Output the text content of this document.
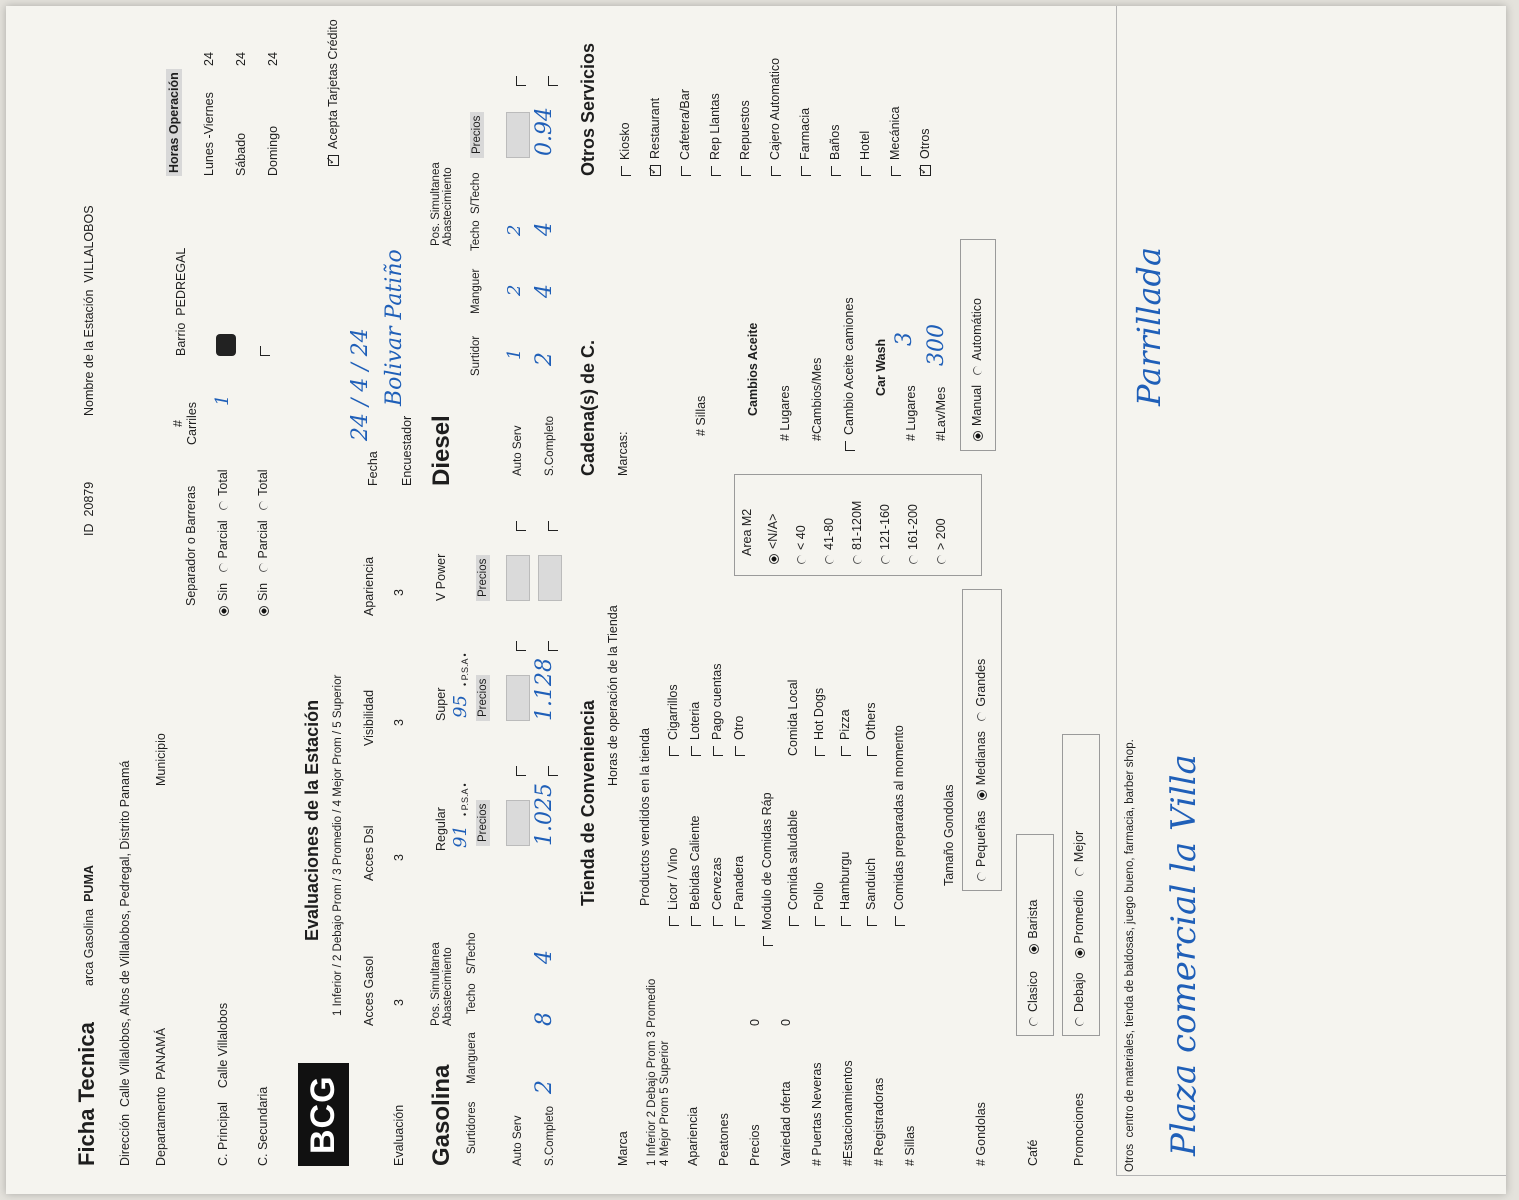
Ficha Tecnica
arca Gasolina  PUMA
ID  20879
Nombre de la Estación  VILLALOBOS
Dirección  Calle Villalobos, Altos de Villalobos, Pedregal, Distrito Panamá
Departamento  PANAMÁ
Municipio
Barrio  PEDREGAL
# Carriles
Separador o Barreras
C. Principal    Calle Villalobos
C. Secundaria
Sin   Parcial   Total
Sin   Parcial   Total
1
Horas Operación Lunes -Viernes
24
Sábado
24
Domingo
24
BCG
Evaluaciones de la Estación 1 Inferior / 2 Debajo Prom / 3 Promedio / 4 Mejor Prom / 5 Superior Acces Gasol
Acces Dsl
Visibilidad
Apariencia
Evaluación
3
3
3
3
✓Acepta Tarjetas Crédito
Fecha
24 / 4 / 24
Encuestador
Bolivar Patiño
Gasolina
Pos. Simultanea Abastecimiento
Surtidores
Manguera
Techo
S/Techo
Regular 91
• P.S.A •
Super 95
• P.S.A •
V Power
Precios
Precios
Precios
Auto Serv S.Completo
2
8
4
1.025
1.128
Diesel
Pos. Simultanea Abastecimiento
Surtidor
Manguer
Techo
S/Techo
Precios
Auto Serv
1
2
2
S.Completo
2
4
4
0.94
Tienda de Conveniencia
Cadena(s) de C.
Otros Servicios
Marca
Horas de operación de la Tienda
Marcas:
1 Inferior 2 Debajo Prom 3 Promedio 4 Mejor Prom 5 Superior
Productos vendidos en la tienda
Apariencia Peatones Precios
0
Variedad oferta
0
# Puertas Neveras #Estacionamientos # Registradoras # Sillas
Licor / Vino Bebidas Caliente Cervezas Panadera
Cigarrillos Loteria Pago cuentas Otro
Modulo de Comidas Ráp Comida saludable Pollo Hamburgu Sanduich
Comida Local Hot Dogs Pizza Others
Comidas preparadas al momento
Kiosko
✓ Restaurant Cafetera/Bar Rep Llantas Repuestos Cajero Automatico Farmacia Baños Hotel Mecánica
✓ Otros
# Sillas
Area M2 <N/A> < 40 41-80 81-120M 121-160 161-200 > 200
Cambios Aceite # Lugares #Cambios/Mes Cambio Aceite camiones Car Wash
# Lugares
3
#Lav/Mes
300
Manual   Automático
Tamaño Gondolas
# Gondolas
Pequeñas   Medianas   Grandes
Café
Clasico     Barista
Promociones
Debajo    Promedio    Mejor
Otros  centro de materiales, tienda de baldosas, juego bueno, farmacia, barber shop.
Parrillada
Plaza comercial la Villa
